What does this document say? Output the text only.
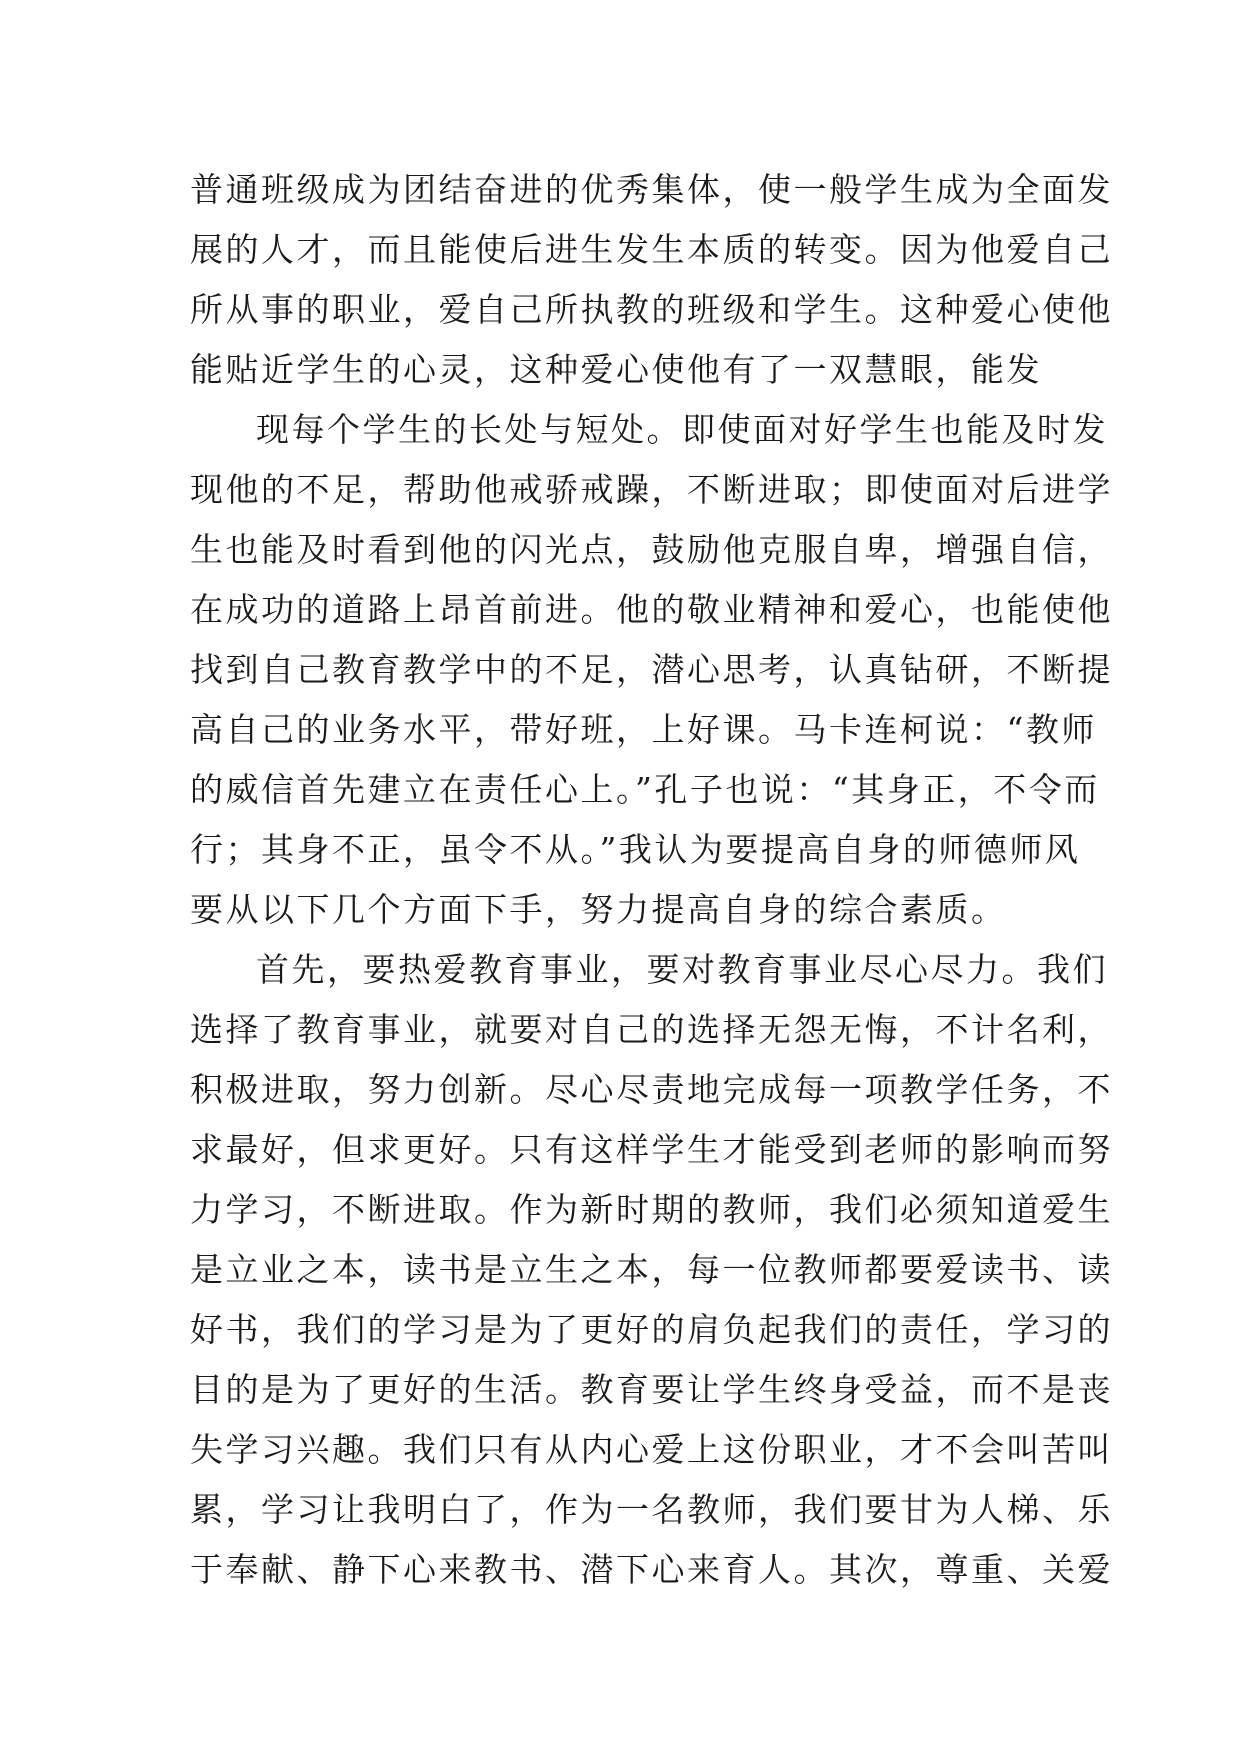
普通班级成为团结奋进的优秀集体，使一般学生成为全面发
展的人才，而且能使后进生发生本质的转变。因为他爱自己
所从事的职业，爱自己所执教的班级和学生。这种爱心使他
能贴近学生的心灵，这种爱心使他有了一双慧眼，能发
现每个学生的长处与短处。即使面对好学生也能及时发
现他的不足，帮助他戒骄戒躁，不断进取；即使面对后进学
生也能及时看到他的闪光点，鼓励他克服自卑，增强自信，
在成功的道路上昂首前进。他的敬业精神和爱心，也能使他
找到自己教育教学中的不足，潜心思考，认真钻研，不断提
高自己的业务水平，带好班，上好课。马卡连柯说：“教师
的威信首先建立在责任心上。”孔子也说：“其身正，不令而
行；其身不正，虽令不从。”我认为要提高自身的师德师风
要从以下几个方面下手，努力提高自身的综合素质。
首先，要热爱教育事业，要对教育事业尽心尽力。我们
选择了教育事业，就要对自己的选择无怨无悔，不计名利，
积极进取，努力创新。尽心尽责地完成每一项教学任务，不
求最好，但求更好。只有这样学生才能受到老师的影响而努
力学习，不断进取。作为新时期的教师，我们必须知道爱生
是立业之本，读书是立生之本，每一位教师都要爱读书、读
好书，我们的学习是为了更好的肩负起我们的责任，学习的
目的是为了更好的生活。教育要让学生终身受益，而不是丧
失学习兴趣。我们只有从内心爱上这份职业，才不会叫苦叫
累，学习让我明白了，作为一名教师，我们要甘为人梯、乐
于奉献、静下心来教书、潜下心来育人。其次，尊重、关爱
